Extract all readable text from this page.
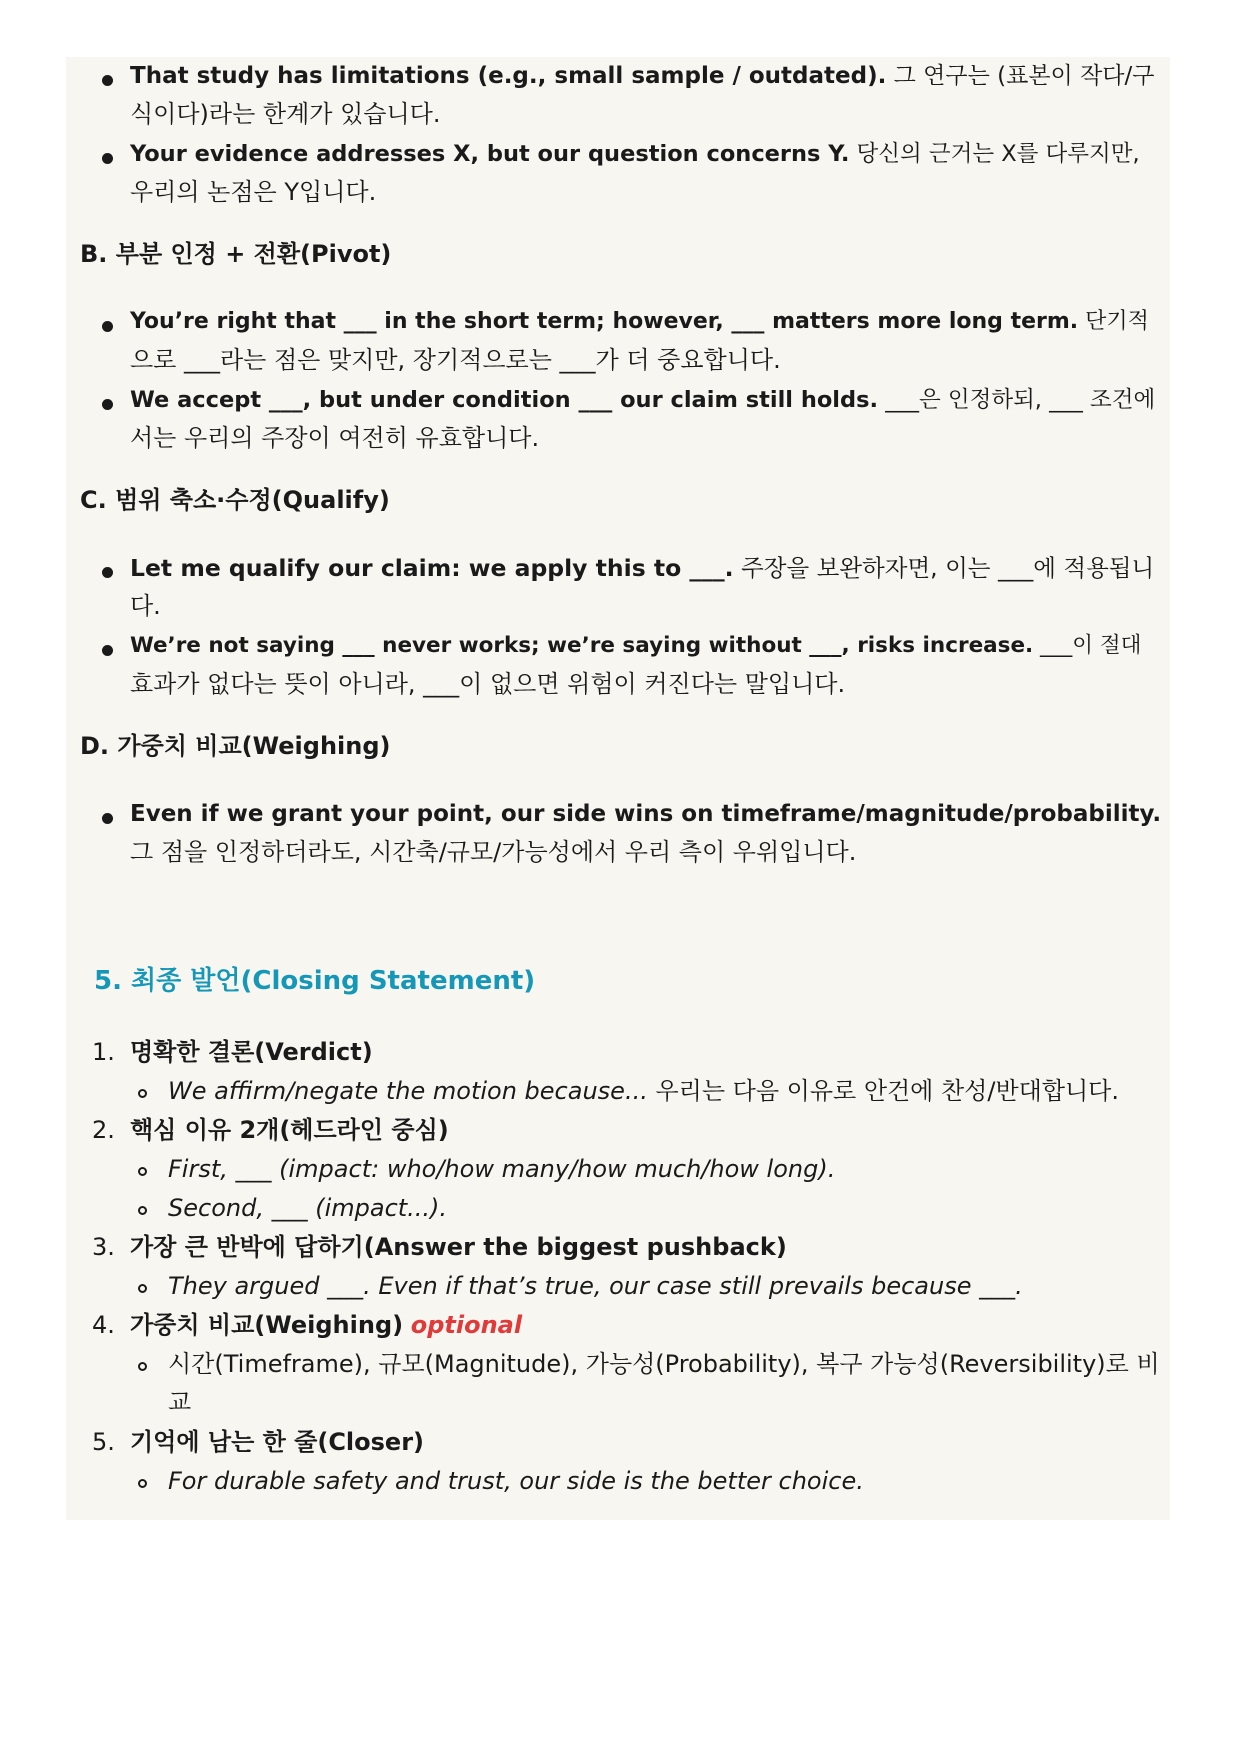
That study has limitations (e.g., small sample / outdated). 그 연구는 (표본이 작다/구
식이다)라는 한계가 있습니다.
Your evidence addresses X, but our question concerns Y. 당신의 근거는 X를 다루지만,
우리의 논점은 Y입니다.
B. 부분 인정 + 전환(Pivot)
You’re right that ___ in the short term; however, ___ matters more long term. 단기적
으로 ___라는 점은 맞지만, 장기적으로는 ___가 더 중요합니다.
We accept ___, but under condition ___ our claim still holds. ___은 인정하되, ___ 조건에
서는 우리의 주장이 여전히 유효합니다.
C. 범위 축소·수정(Qualify)
Let me qualify our claim: we apply this to ___. 주장을 보완하자면, 이는 ___에 적용됩니
다.
We’re not saying ___ never works; we’re saying without ___, risks increase. ___이 절대
효과가 없다는 뜻이 아니라, ___이 없으면 위험이 커진다는 말입니다.
D. 가중치 비교(Weighing)
Even if we grant your point, our side wins on timeframe/magnitude/probability.
그 점을 인정하더라도, 시간축/규모/가능성에서 우리 측이 우위입니다.
5. 최종 발언(Closing Statement)
1. 명확한 결론(Verdict)
We affirm/negate the motion because... 우리는 다음 이유로 안건에 찬성/반대합니다.
2. 핵심 이유 2개(헤드라인 중심)
First, ___ (impact: who/how many/how much/how long).
Second, ___ (impact...).
3. 가장 큰 반박에 답하기(Answer the biggest pushback)
They argued ___. Even if that’s true, our case still prevails because ___.
4. 가중치 비교(Weighing) optional
시간(Timeframe), 규모(Magnitude), 가능성(Probability), 복구 가능성(Reversibility)로 비
교
5. 기억에 남는 한 줄(Closer)
For durable safety and trust, our side is the better choice.
